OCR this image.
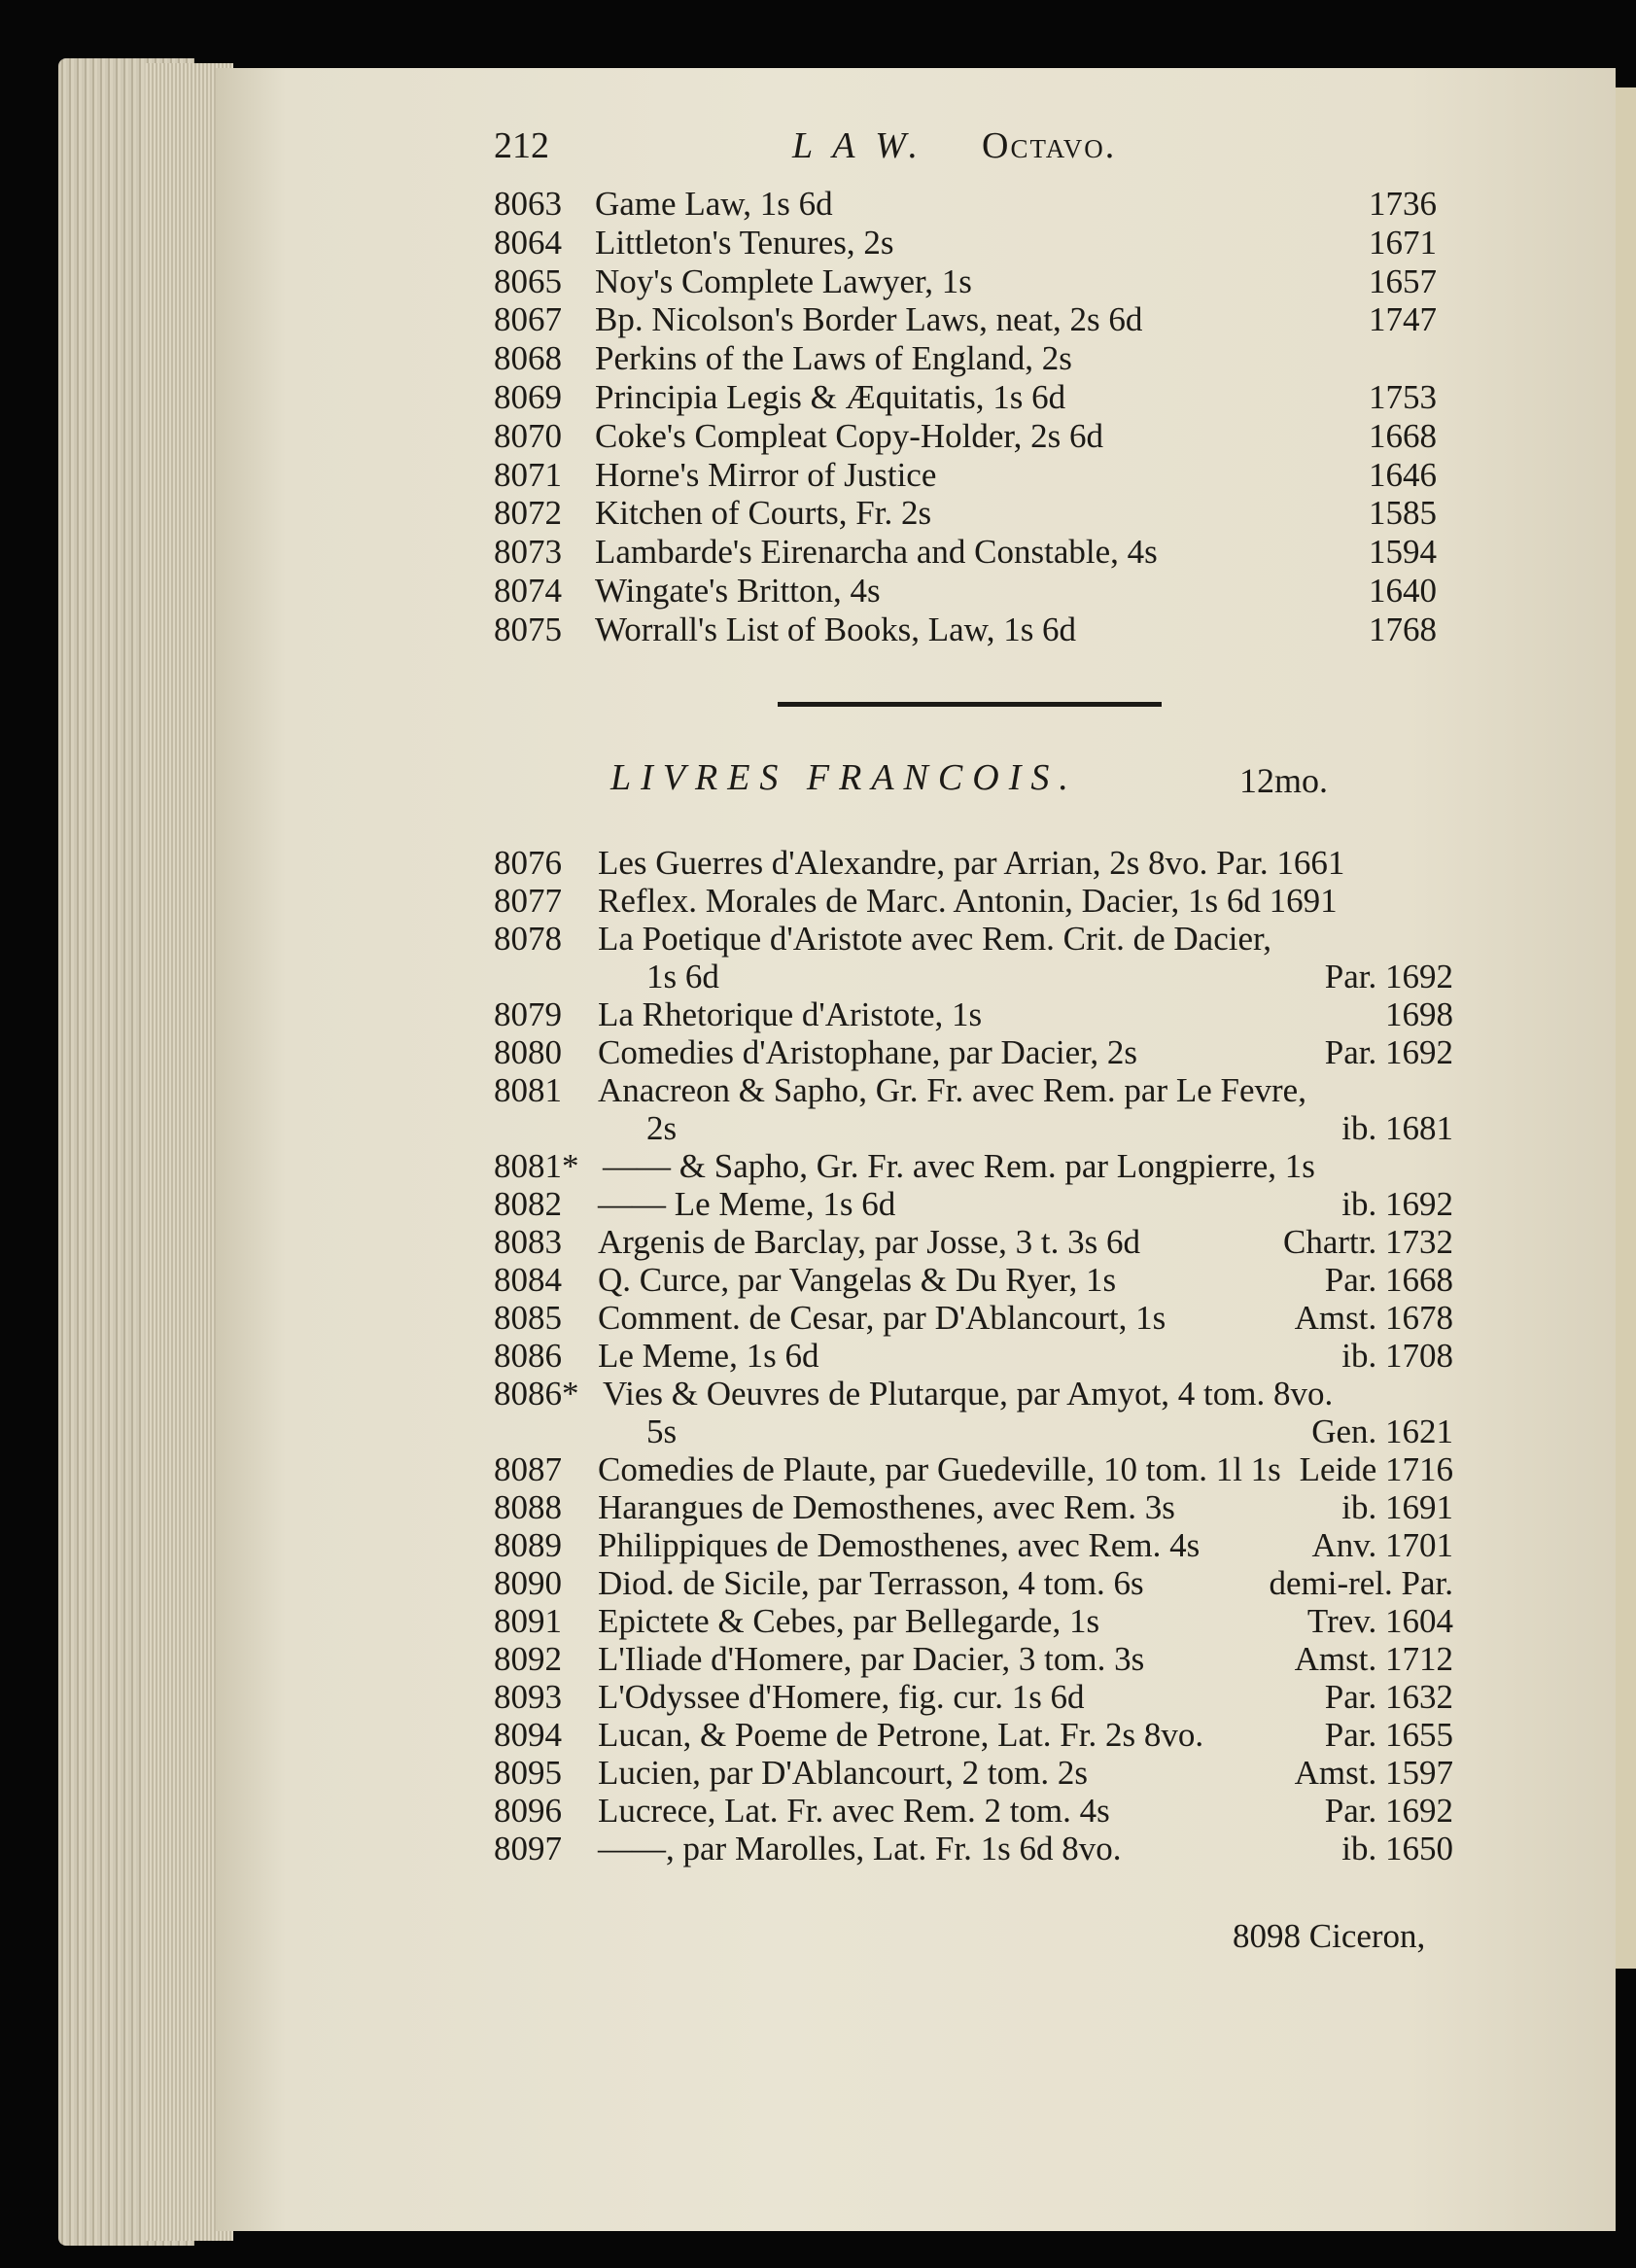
212	L A W. Octavo.
8063 Game Law, 1s 6d	1736
8064 Littleton's Tenures, 2s	1671
8065 Noy's Complete Lawyer, 1s	1657
8067 Bp. Nicolson's Border Laws, neat, 2s 6d	1747
8068 Perkins of the Laws of England, 2s
8069 Principia Legis & Æquitatis, 1s 6d	1753
8070 Coke's Compleat Copy-Holder, 2s 6d	1668
8071 Horne's Mirror of Justice	1646
8072 Kitchen of Courts, Fr. 2s	1585
8073 Lambarde's Eirenarcha and Constable, 4s	1594
8074 Wingate's Britton, 4s	1640
8075 Worrall's List of Books, Law, 1s 6d	1768
LIVRES FRANCOIS.	12mo.
8076 Les Guerres d'Alexandre, par Arrian, 2s 8vo. Par. 1661
8077 Reflex. Morales de Marc. Antonin, Dacier, 1s 6d 1691
8078 La Poetique d'Aristote avec Rem. Crit. de Dacier,
1s 6d	Par. 1692
8079 La Rhetorique d'Aristote, 1s	1698
8080 Comedies d'Aristophane, par Dacier, 2s	Par. 1692
8081 Anacreon & Sapho, Gr. Fr. avec Rem. par Le Fevre,
2s	ib. 1681
8081* —— & Sapho, Gr. Fr. avec Rem. par Longpierre, 1s
8082 —— Le Meme, 1s 6d	ib. 1692
8083 Argenis de Barclay, par Josse, 3 t. 3s 6d	Chartr. 1732
8084 Q. Curce, par Vangelas & Du Ryer, 1s	Par. 1668
8085 Comment. de Cesar, par D'Ablancourt, 1s	Amst. 1678
8086 Le Meme, 1s 6d	ib. 1708
8086* Vies & Oeuvres de Plutarque, par Amyot, 4 tom. 8vo.
5s	Gen. 1621
8087 Comedies de Plaute, par Guedeville, 10 tom. 1l 1s Leide 1716
8088 Harangues de Demosthenes, avec Rem. 3s	ib. 1691
8089 Philippiques de Demosthenes, avec Rem. 4s	Anv. 1701
8090 Diod. de Sicile, par Terrasson, 4 tom. 6s	demi-rel. Par.
8091 Epictete & Cebes, par Bellegarde, 1s	Trev. 1604
8092 L'Iliade d'Homere, par Dacier, 3 tom. 3s	Amst. 1712
8093 L'Odyssee d'Homere, fig. cur. 1s 6d	Par. 1632
8094 Lucan, & Poeme de Petrone, Lat. Fr. 2s 8vo.	Par. 1655
8095 Lucien, par D'Ablancourt, 2 tom. 2s	Amst. 1597
8096 Lucrece, Lat. Fr. avec Rem. 2 tom. 4s	Par. 1692
8097 ——, par Marolles, Lat. Fr. 1s 6d 8vo.	ib. 1650
8098 Ciceron,
